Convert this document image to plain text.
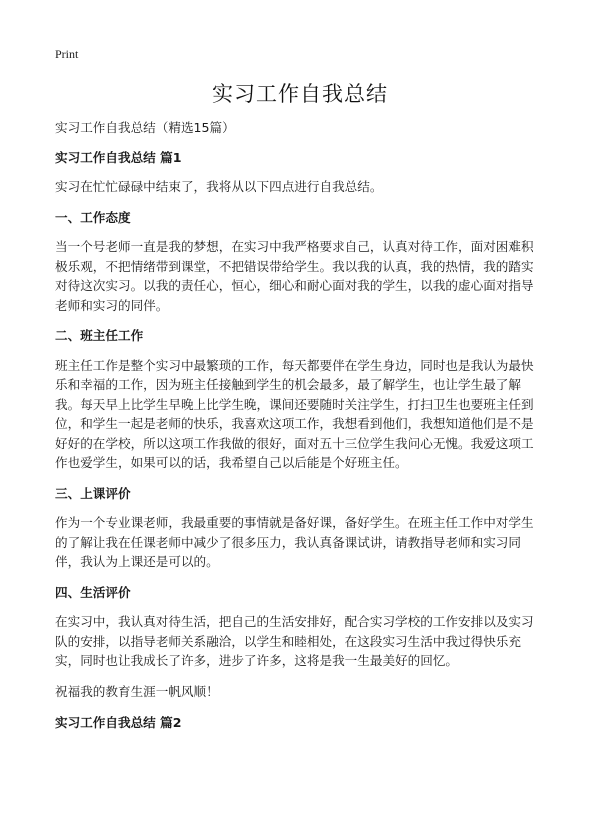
Print
实习工作自我总结

实习工作自我总结（精选15篇）

实习工作自我总结 篇1

实习在忙忙碌碌中结束了，我将从以下四点进行自我总结。

一、工作态度

当一个号老师一直是我的梦想，在实习中我严格要求自己，认真对待工作，面对困难积极乐观，不把情绪带到课堂，不把错误带给学生。我以我的认真，我的热情，我的踏实对待这次实习。以我的责任心，恒心，细心和耐心面对我的学生，以我的虚心面对指导老师和实习的同伴。

二、班主任工作

班主任工作是整个实习中最繁琐的工作，每天都要伴在学生身边，同时也是我认为最快乐和幸福的工作，因为班主任接触到学生的机会最多，最了解学生，也让学生最了解我。每天早上比学生早晚上比学生晚，课间还要随时关注学生，打扫卫生也要班主任到位，和学生一起是老师的快乐，我喜欢这项工作，我想看到他们，我想知道他们是不是好好的在学校，所以这项工作我做的很好，面对五十三位学生我问心无愧。我爱这项工作也爱学生，如果可以的话，我希望自己以后能是个好班主任。

三、上课评价

作为一个专业课老师，我最重要的事情就是备好课，备好学生。在班主任工作中对学生的了解让我在任课老师中减少了很多压力，我认真备课试讲，请教指导老师和实习同伴，我认为上课还是可以的。

四、生活评价

在实习中，我认真对待生活，把自己的生活安排好，配合实习学校的工作安排以及实习队的安排，以指导老师关系融洽，以学生和睦相处，在这段实习生活中我过得快乐充实，同时也让我成长了许多，进步了许多，这将是我一生最美好的回忆。

祝福我的教育生涯一帆风顺！

实习工作自我总结 篇2
